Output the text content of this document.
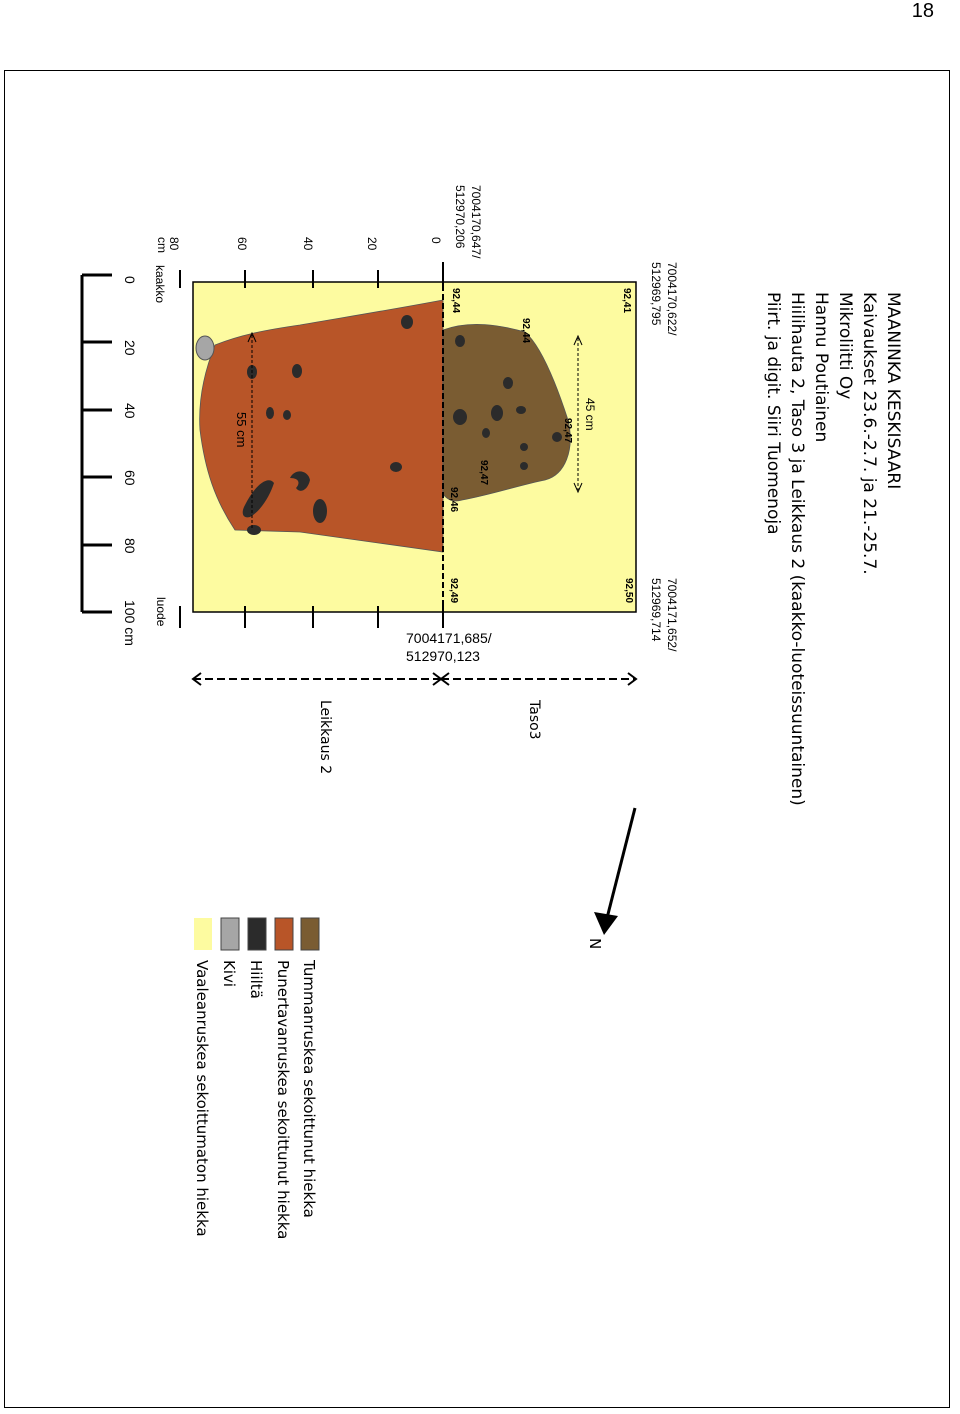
18
MAANINKA KESKISAARI
Kaivaukset 23.6.-2.7. ja 21.-25.7.
Mikroliitti Oy
Hannu Poutiainen
Hiilihauta 2, Taso 3 ja Leikkaus 2 (kaakko-luoteissuuntainen)
Piirt. ja digit. Siiri Tuomenoja
0
20
40
60
80
cm
kaakko
luode
7004170,647/
512970,206
7004170,622/
512969,795
7004171,652/
512969,714
7004171,685/
512970,123
92,41
92,44
92,44
92,47
92,47
92,46
92,50
92,49
45 cm
55 cm
0
20
40
60
80
100 cm
Taso3
Leikkaus 2
N
Tummanruskea sekoittunut hiekka
Punertavanruskea sekoittunut hiekka
Hiiltä
Kivi
Vaaleanruskea sekoittumaton hiekka
